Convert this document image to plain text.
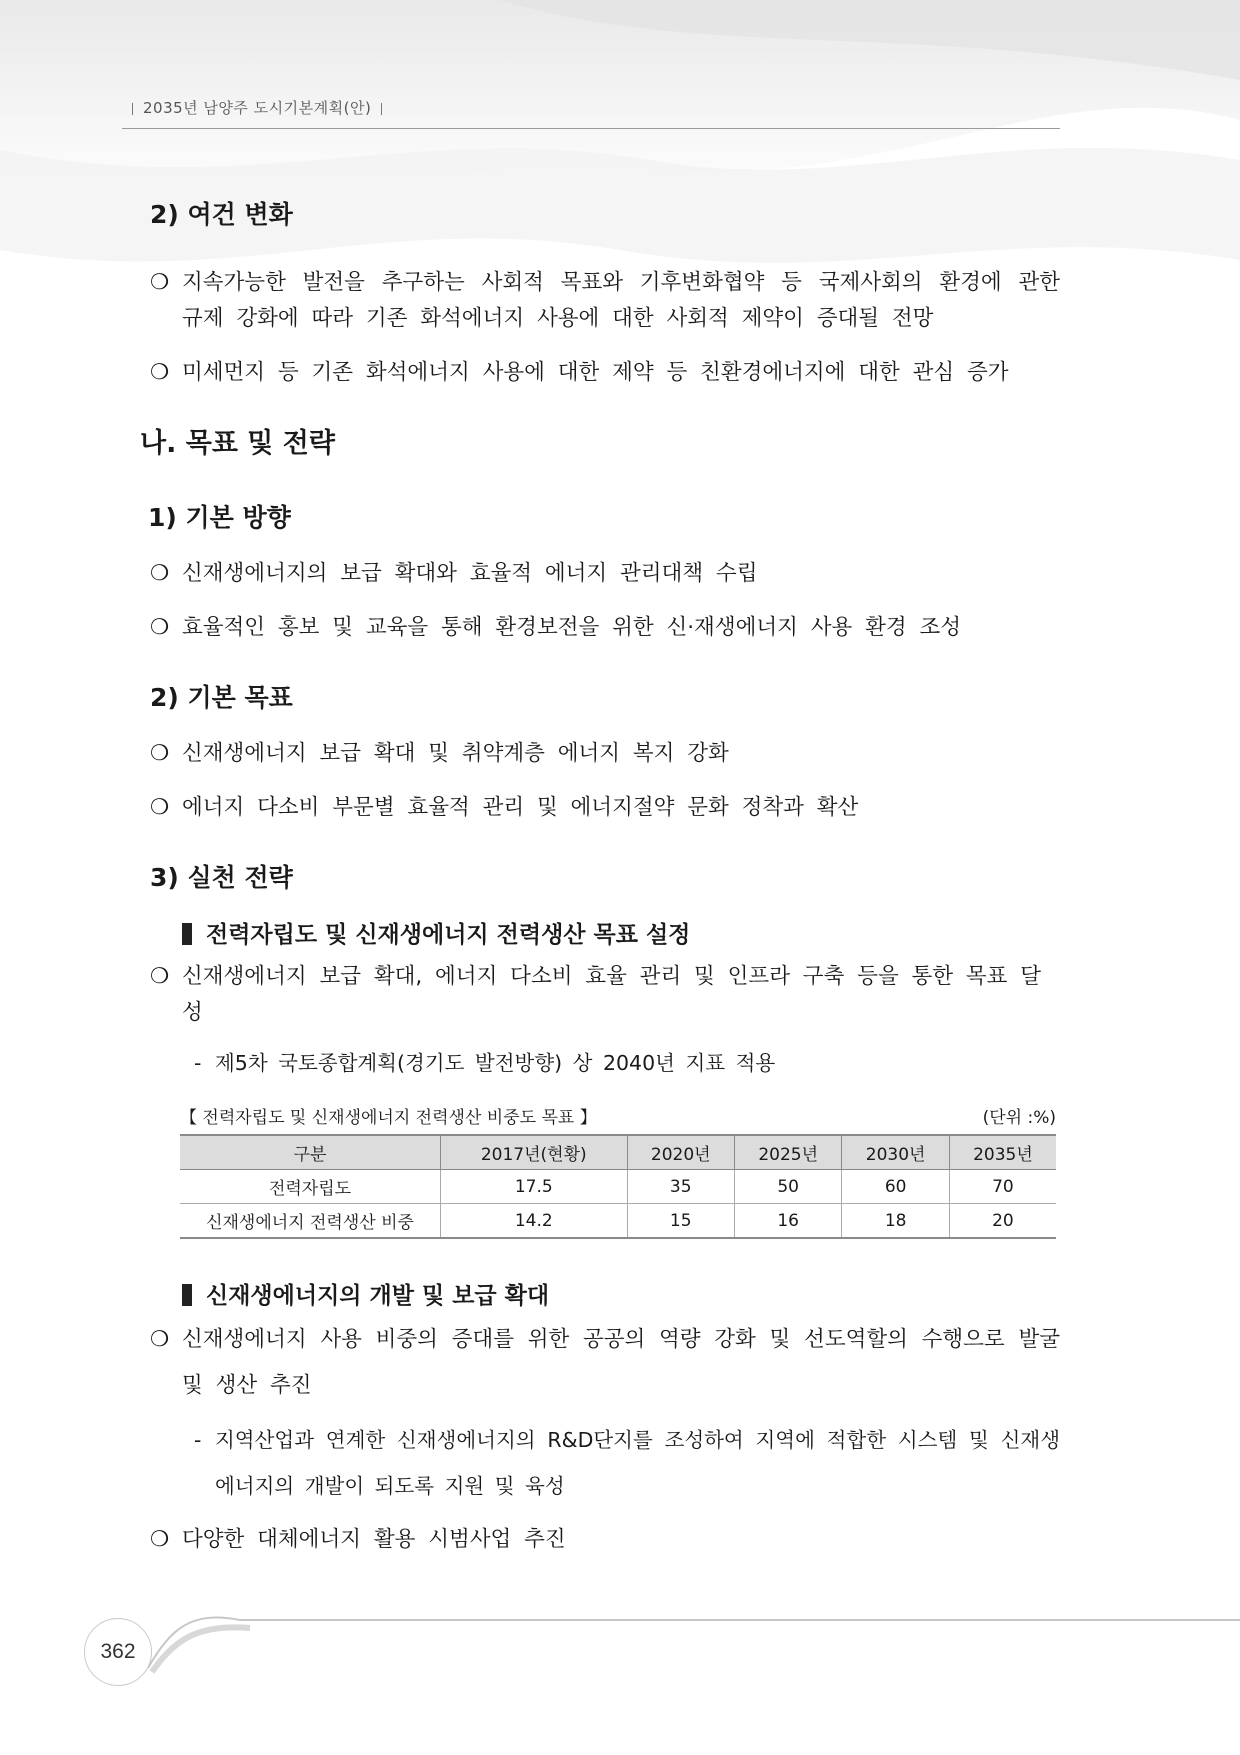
2035년 남양주 도시기본계획(안)
2) 여건 변화
❍ 지속가능한 발전을 추구하는 사회적 목표와 기후변화협약 등 국제사회의 환경에 관한
규제 강화에 따라 기존 화석에너지 사용에 대한 사회적 제약이 증대될 전망
❍ 미세먼지 등 기존 화석에너지 사용에 대한 제약 등 친환경에너지에 대한 관심 증가
나. 목표 및 전략
1) 기본 방향
❍ 신재생에너지의 보급 확대와 효율적 에너지 관리대책 수립
❍ 효율적인 홍보 및 교육을 통해 환경보전을 위한 신·재생에너지 사용 환경 조성
2) 기본 목표
❍ 신재생에너지 보급 확대 및 취약계층 에너지 복지 강화
❍ 에너지 다소비 부문별 효율적 관리 및 에너지절약 문화 정착과 확산
3) 실천 전략
전력자립도 및 신재생에너지 전력생산 목표 설정
❍ 신재생에너지 보급 확대, 에너지 다소비 효율 관리 및 인프라 구축 등을 통한 목표 달성
- 제5차 국토종합계획(경기도 발전방향) 상 2040년 지표 적용
【 전력자립도 및 신재생에너지 전력생산 비중도 목표 】	(단위 :%)
구분	2017년(현황)	2020년	2025년	2030년	2035년
전력자립도	17.5	35	50	60	70
신재생에너지 전력생산 비중	14.2	15	16	18	20
신재생에너지의 개발 및 보급 확대
❍ 신재생에너지 사용 비중의 증대를 위한 공공의 역량 강화 및 선도역할의 수행으로 발굴
및 생산 추진
- 지역산업과 연계한 신재생에너지의 R&D단지를 조성하여 지역에 적합한 시스템 및 신재생
에너지의 개발이 되도록 지원 및 육성
❍ 다양한 대체에너지 활용 시범사업 추진
362
